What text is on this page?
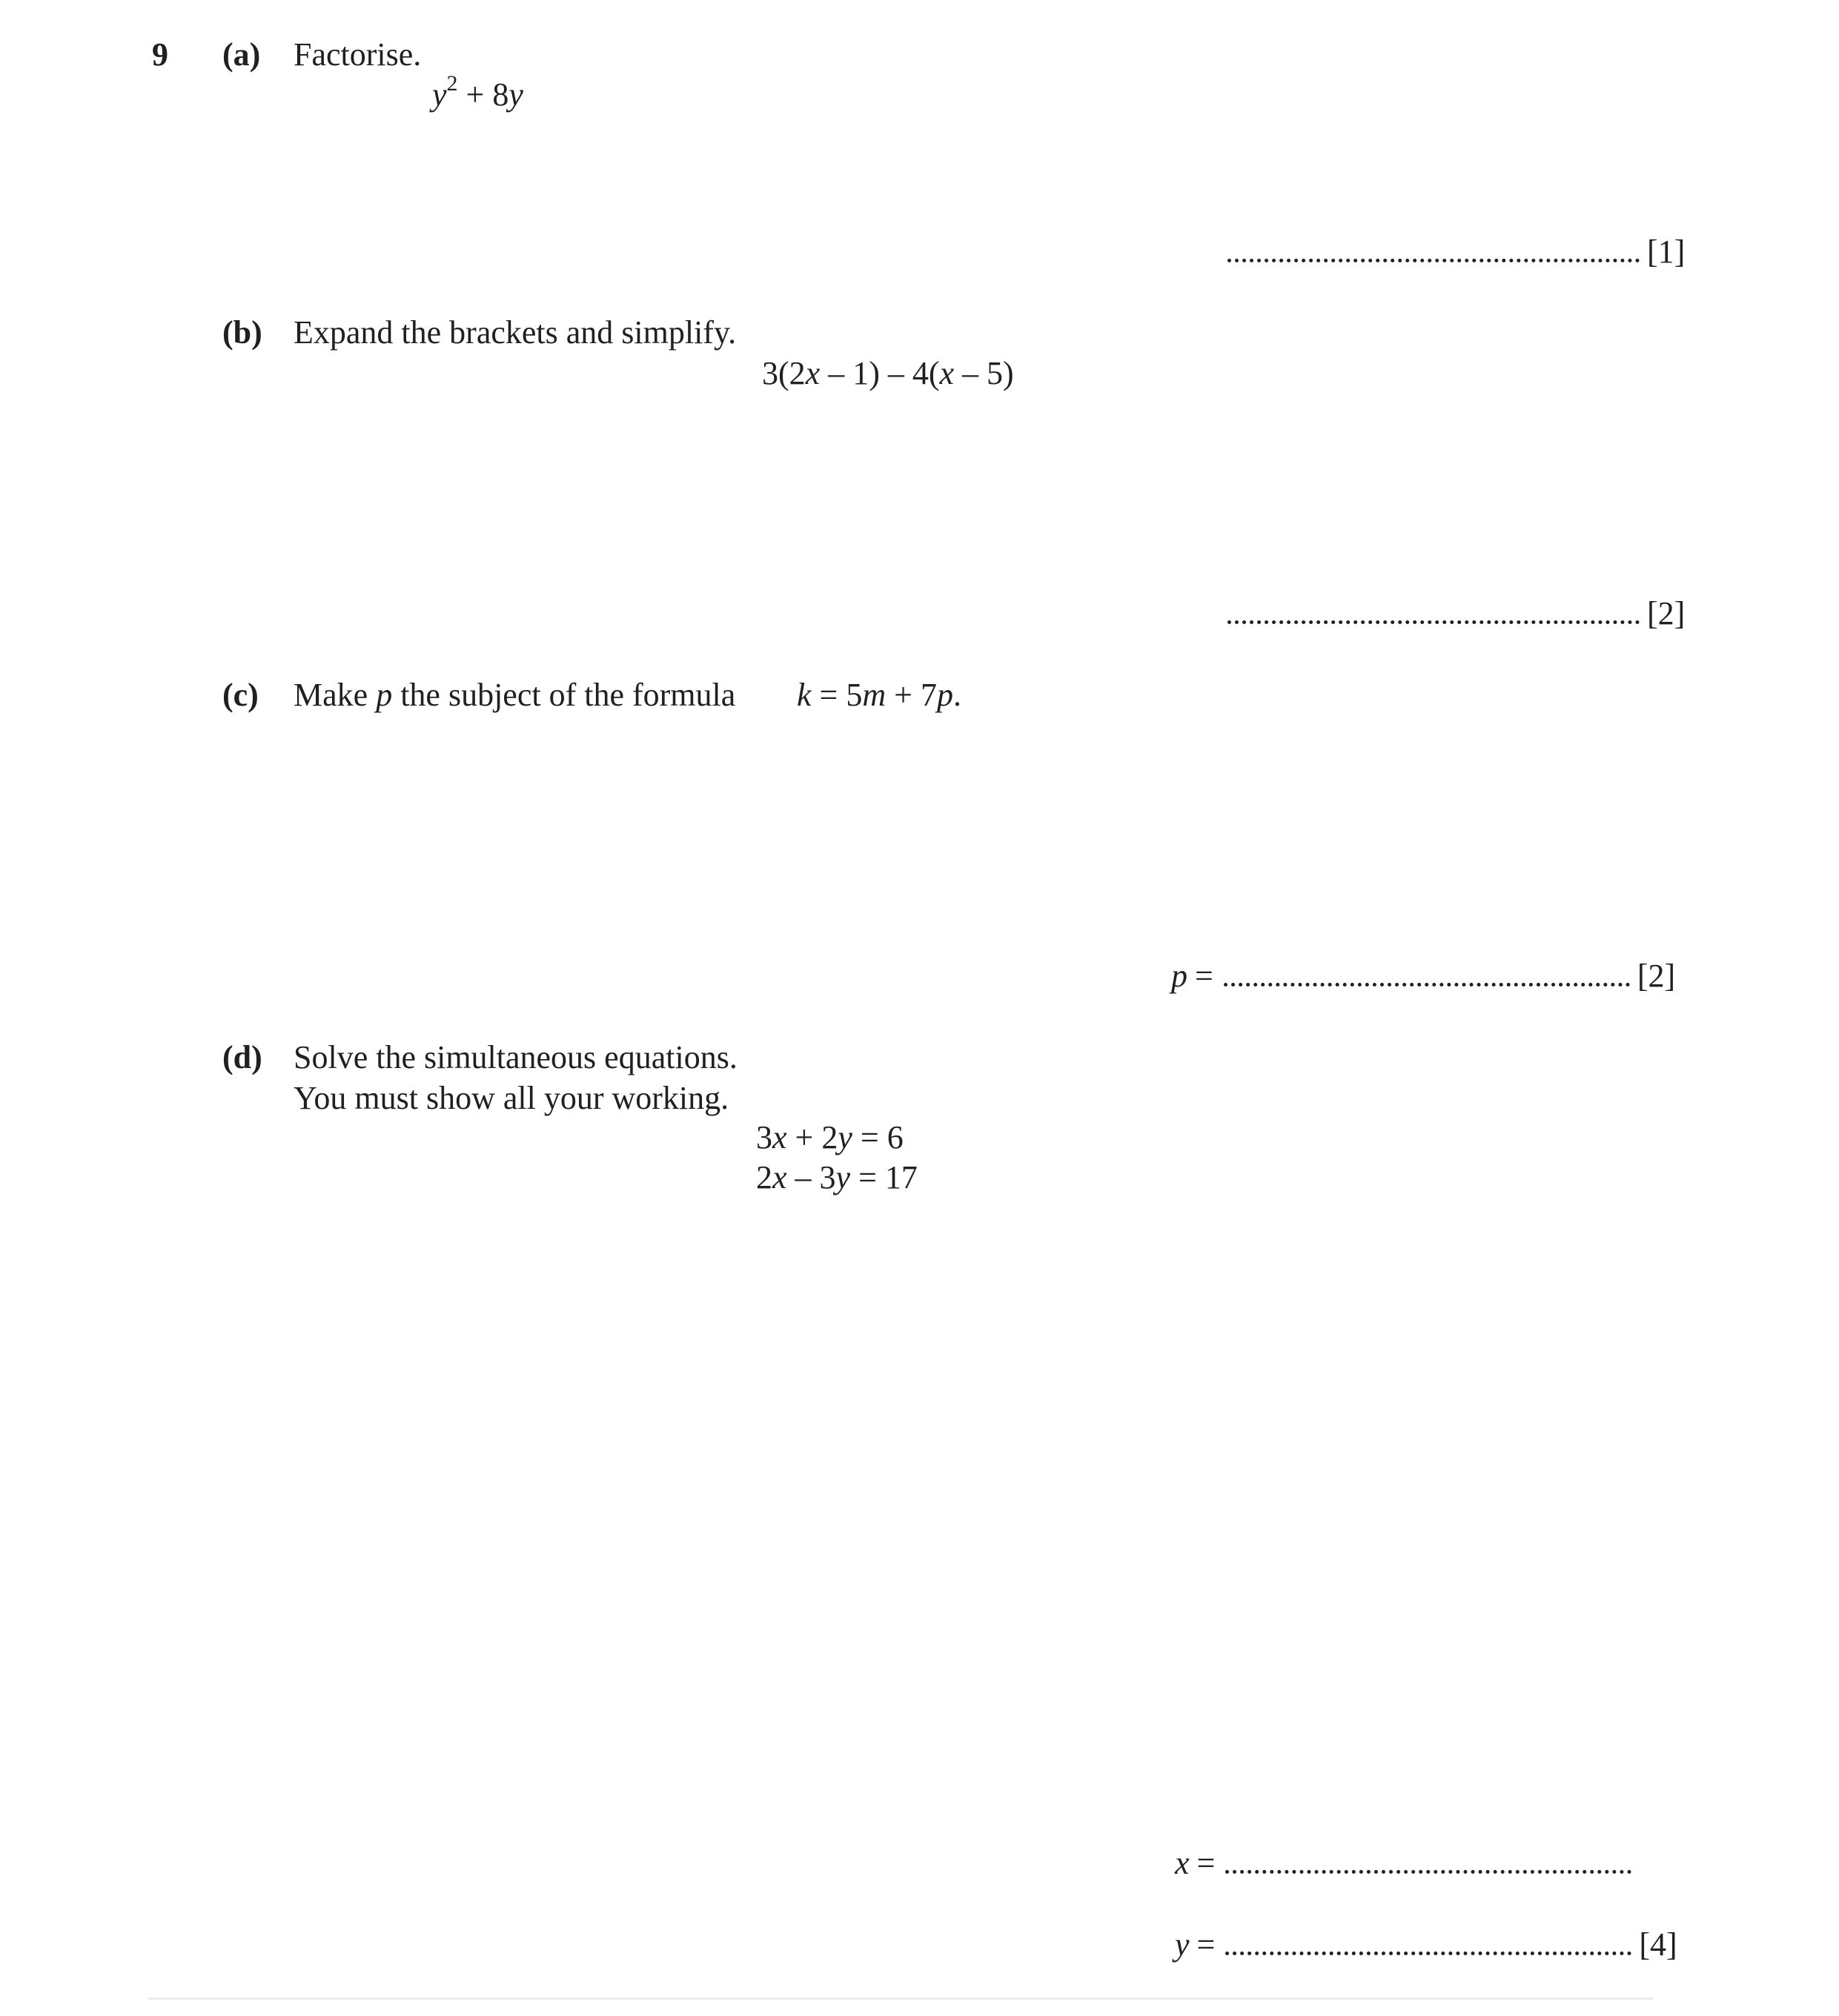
9 (a) Factorise.
$y^2 + 8y$
[1]
(b) Expand the brackets and simplify.
3(2x – 1) – 4(x – 5)
[2]
(c) Make p the subject of the formula k = 5m + 7p.
p =	[2]
(d) Solve the simultaneous equations.
You must show all your working.
3x + 2y = 6
2x – 3y = 17
x =
y =	[4]
